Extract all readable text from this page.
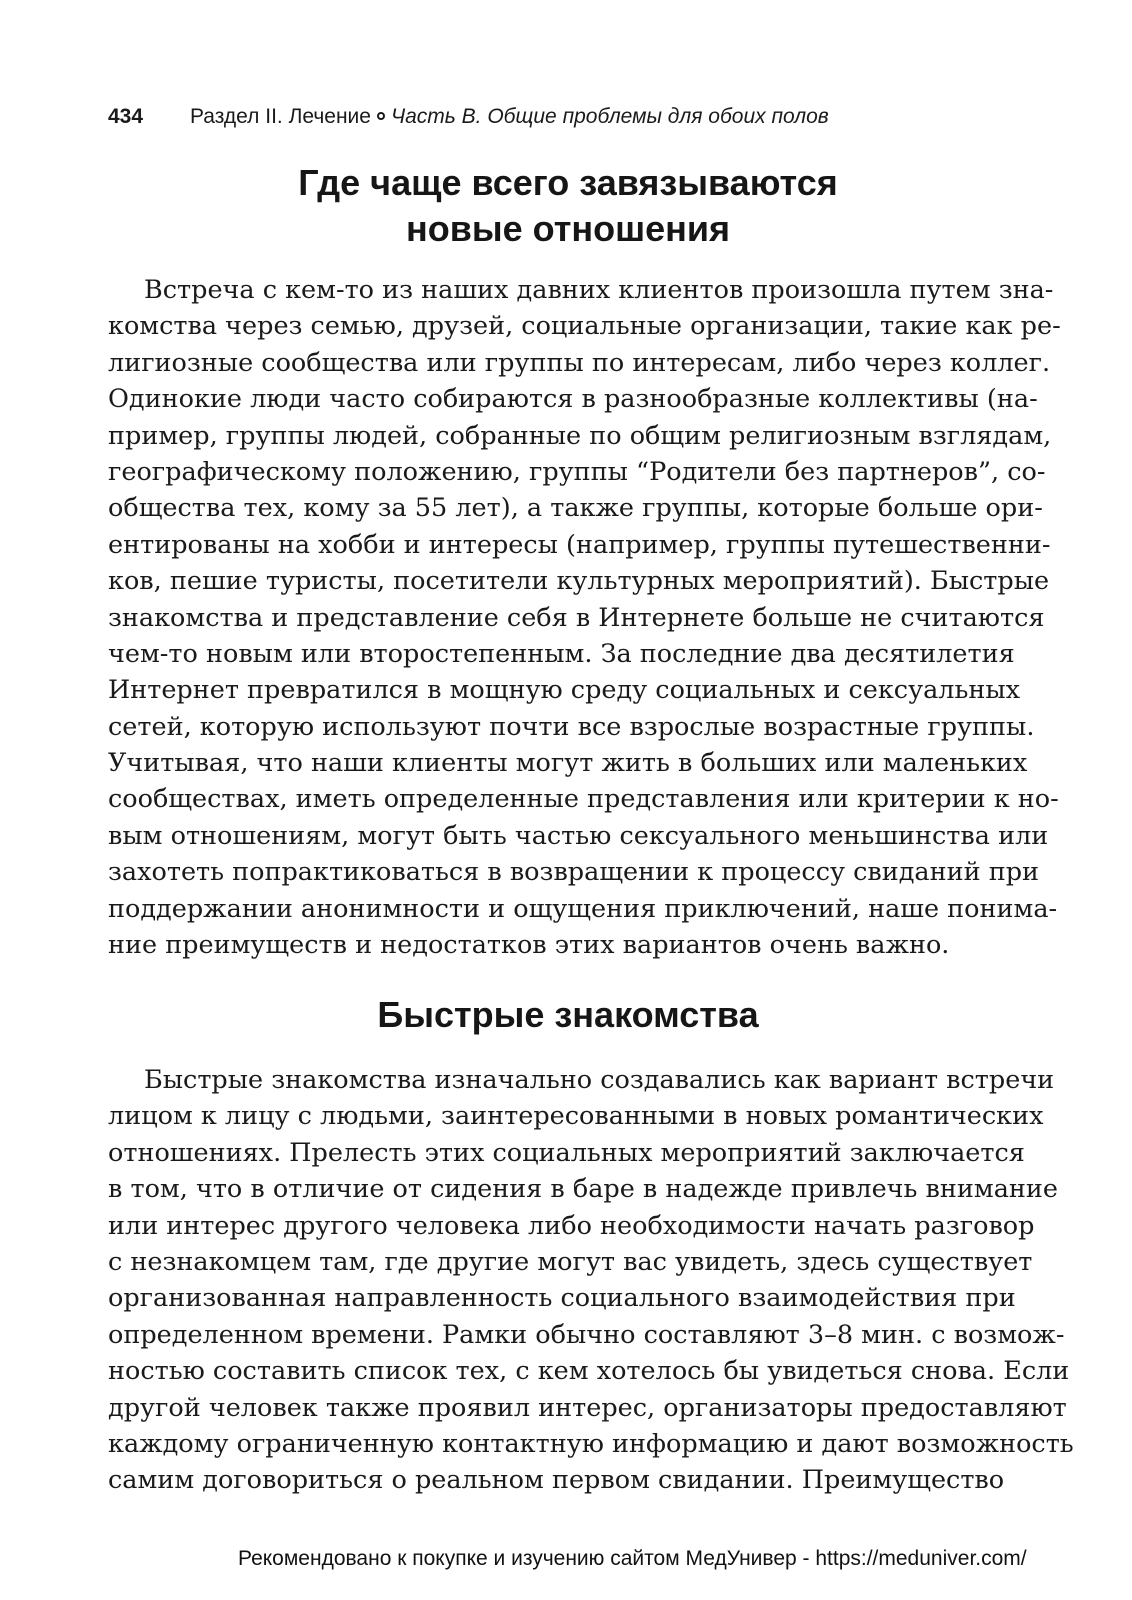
434 Раздел II. Лечение Часть В. Общие проблемы для обоих полов
Где чаще всего завязываются
новые отношения
Встреча с кем-то из наших давних клиентов произошла путем зна-
комства через семью, друзей, социальные организации, такие как ре-
лигиозные сообщества или группы по интересам, либо через коллег.
Одинокие люди часто собираются в разнообразные коллективы (на-
пример, группы людей, собранные по общим религиозным взглядам,
географическому положению, группы “Родители без партнеров”, со-
общества тех, кому за 55 лет), а также группы, которые больше ори-
ентированы на хобби и интересы (например, группы путешественни-
ков, пешие туристы, посетители культурных мероприятий). Быстрые
знакомства и представление себя в Интернете больше не считаются
чем-то новым или второстепенным. За последние два десятилетия
Интернет превратился в мощную среду социальных и сексуальных
сетей, которую используют почти все взрослые возрастные группы.
Учитывая, что наши клиенты могут жить в больших или маленьких
сообществах, иметь определенные представления или критерии к но-
вым отношениям, могут быть частью сексуального меньшинства или
захотеть попрактиковаться в возвращении к процессу свиданий при
поддержании анонимности и ощущения приключений, наше понима-
ние преимуществ и недостатков этих вариантов очень важно.
Быстрые знакомства
Быстрые знакомства изначально создавались как вариант встречи
лицом к лицу с людьми, заинтересованными в новых романтических
отношениях. Прелесть этих социальных мероприятий заключается
в том, что в отличие от сидения в баре в надежде привлечь внимание
или интерес другого человека либо необходимости начать разговор
с незнакомцем там, где другие могут вас увидеть, здесь существует
организованная направленность социального взаимодействия при
определенном времени. Рамки обычно составляют 3–8 мин. с возмож-
ностью составить список тех, с кем хотелось бы увидеться снова. Если
другой человек также проявил интерес, организаторы предоставляют
каждому ограниченную контактную информацию и дают возможность
самим договориться о реальном первом свидании. Преимущество
Рекомендовано к покупке и изучению сайтом МедУнивер - https://meduniver.com/
